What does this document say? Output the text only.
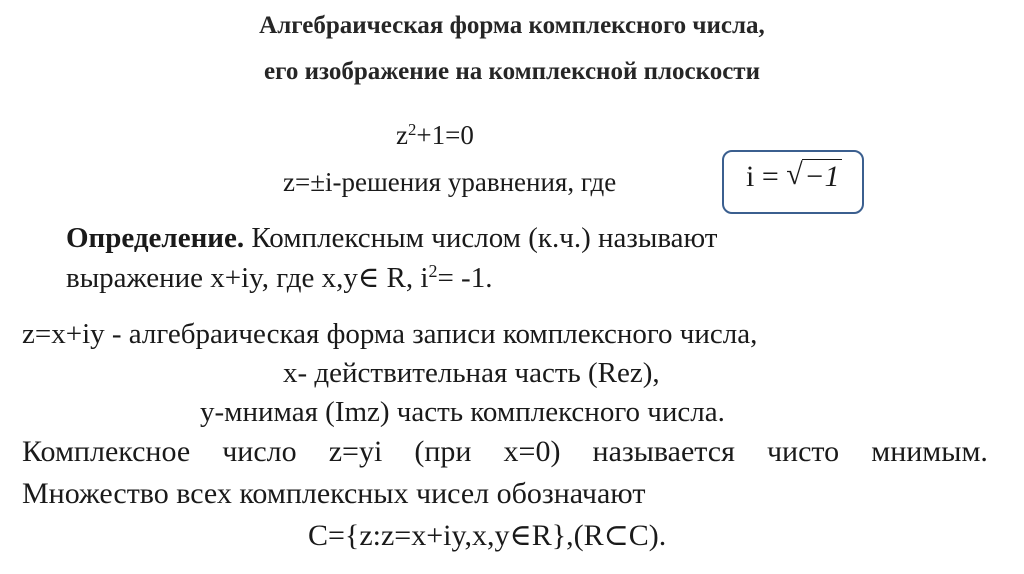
Алгебраическая форма комплексного числа,
его изображение на комплексной плоскости
$z^2+1=0$
z=±i-решения уравнения, где	i = √ −1
Определение. Комплексным числом (к.ч.) называют
выражение x+iy, где x,y∈ R, $i^2= -1$.
z=x+iy - алгебраическая форма записи комплексного числа,
x- действительная часть (Rez),
y-мнимая (Imz) часть комплексного числа.
Комплексное число z=yi (при x=0) называется чисто мнимым.
Множество всех комплексных чисел обозначают
C={z:z=x+iy,x,y∈R},(R⊂C).
